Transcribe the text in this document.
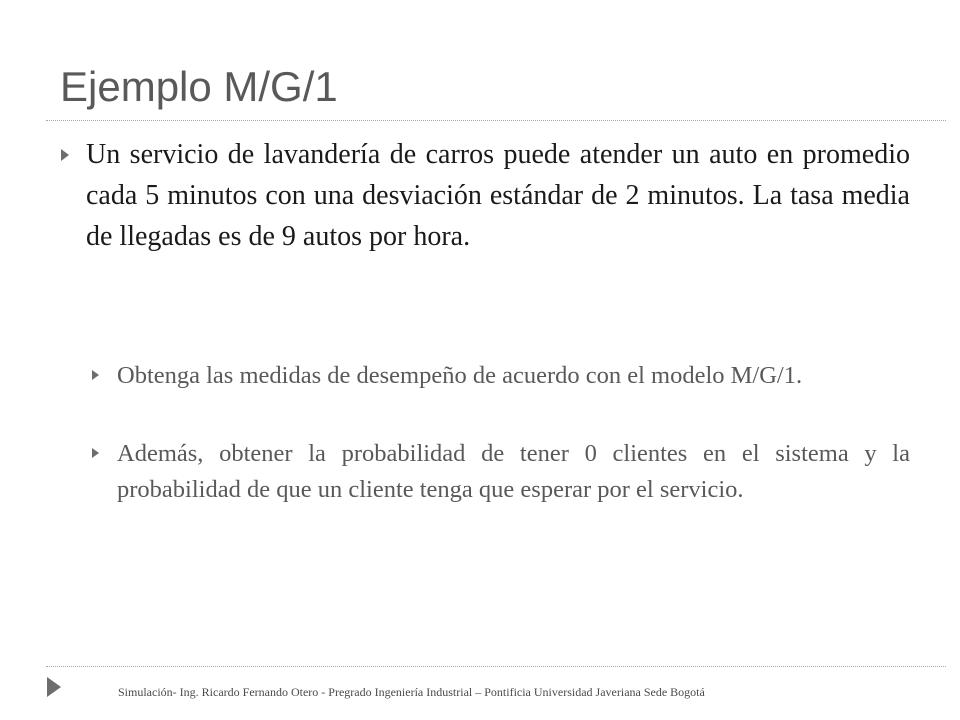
Ejemplo M/G/1

Un servicio de lavandería de carros puede atender un auto en promedio cada 5 minutos con una desviación estándar de 2 minutos. La tasa media de llegadas es de 9 autos por hora.

Obtenga las medidas de desempeño de acuerdo con el modelo M/G/1.

Además, obtener la probabilidad de tener 0 clientes en el sistema y la probabilidad de que un cliente tenga que esperar por el servicio.

Simulación- Ing. Ricardo Fernando Otero - Pregrado Ingeniería Industrial – Pontificia Universidad Javeriana Sede Bogotá
